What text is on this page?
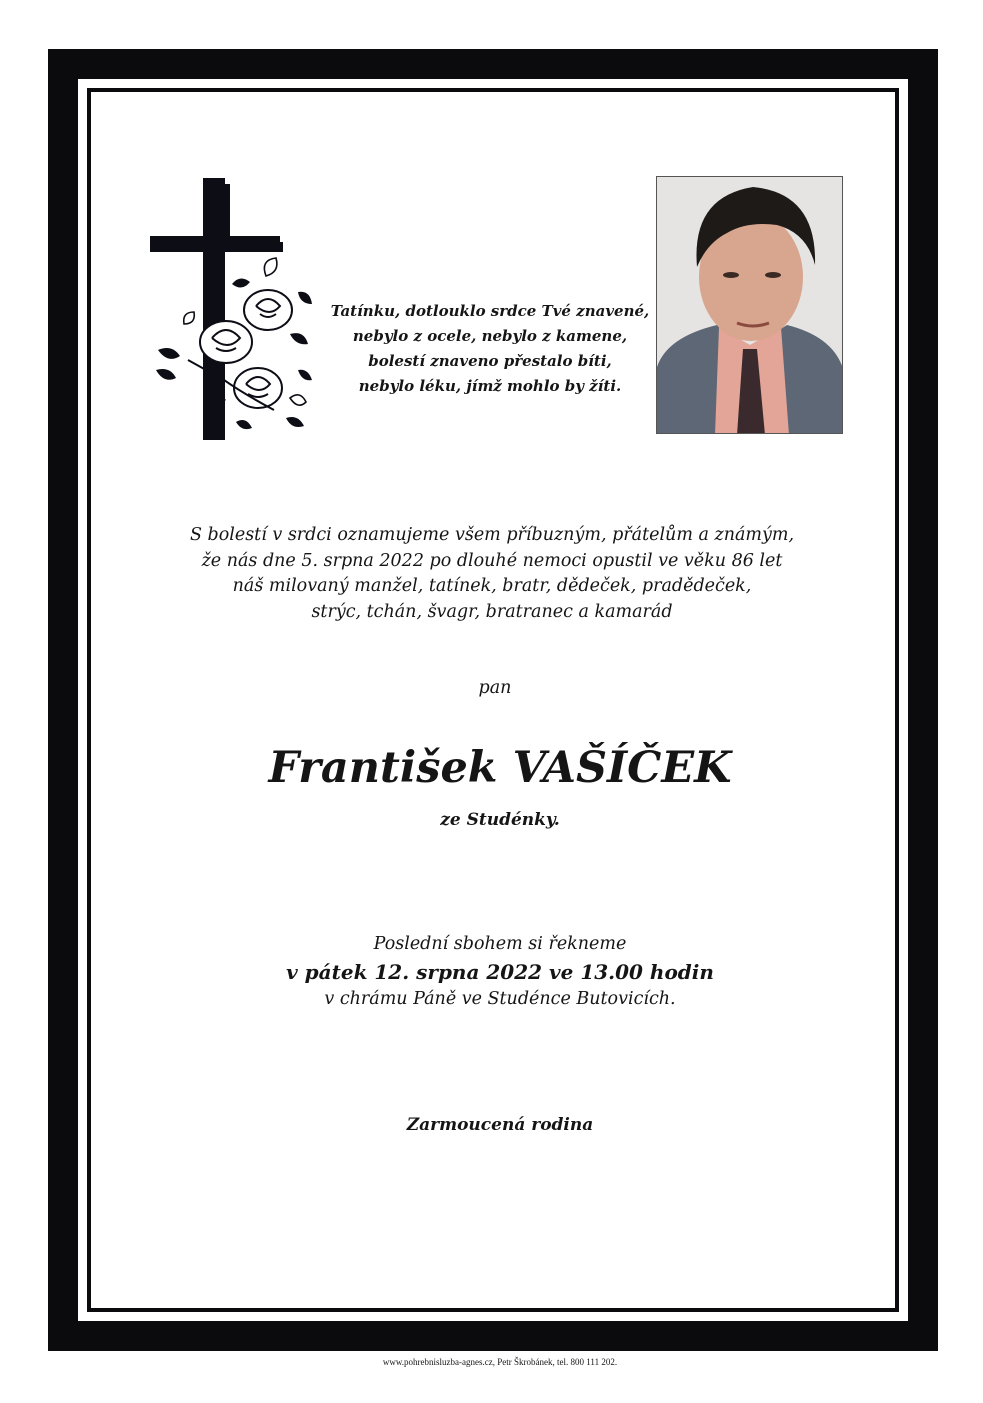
Tatínku, dotlouklo srdce Tvé znavené,
nebylo z ocele, nebylo z kamene,
bolestí znaveno přestalo bíti,
nebylo léku, jímž mohlo by žíti.
S bolestí v srdci oznamujeme všem příbuzným, přátelům a známým,
že nás dne 5. srpna 2022 po dlouhé nemoci opustil ve věku 86 let
náš milovaný manžel, tatínek, bratr, dědeček, pradědeček,
strýc, tchán, švagr, bratranec a kamarád
pan
František VAŠÍČEK
ze Studénky.
Poslední sbohem si řekneme
v pátek 12. srpna 2022 ve 13.00 hodin
v chrámu Páně ve Studénce Butovicích.
Zarmoucená rodina
www.pohrebnisluzba-agnes.cz, Petr Škrobánek, tel. 800 111 202.
